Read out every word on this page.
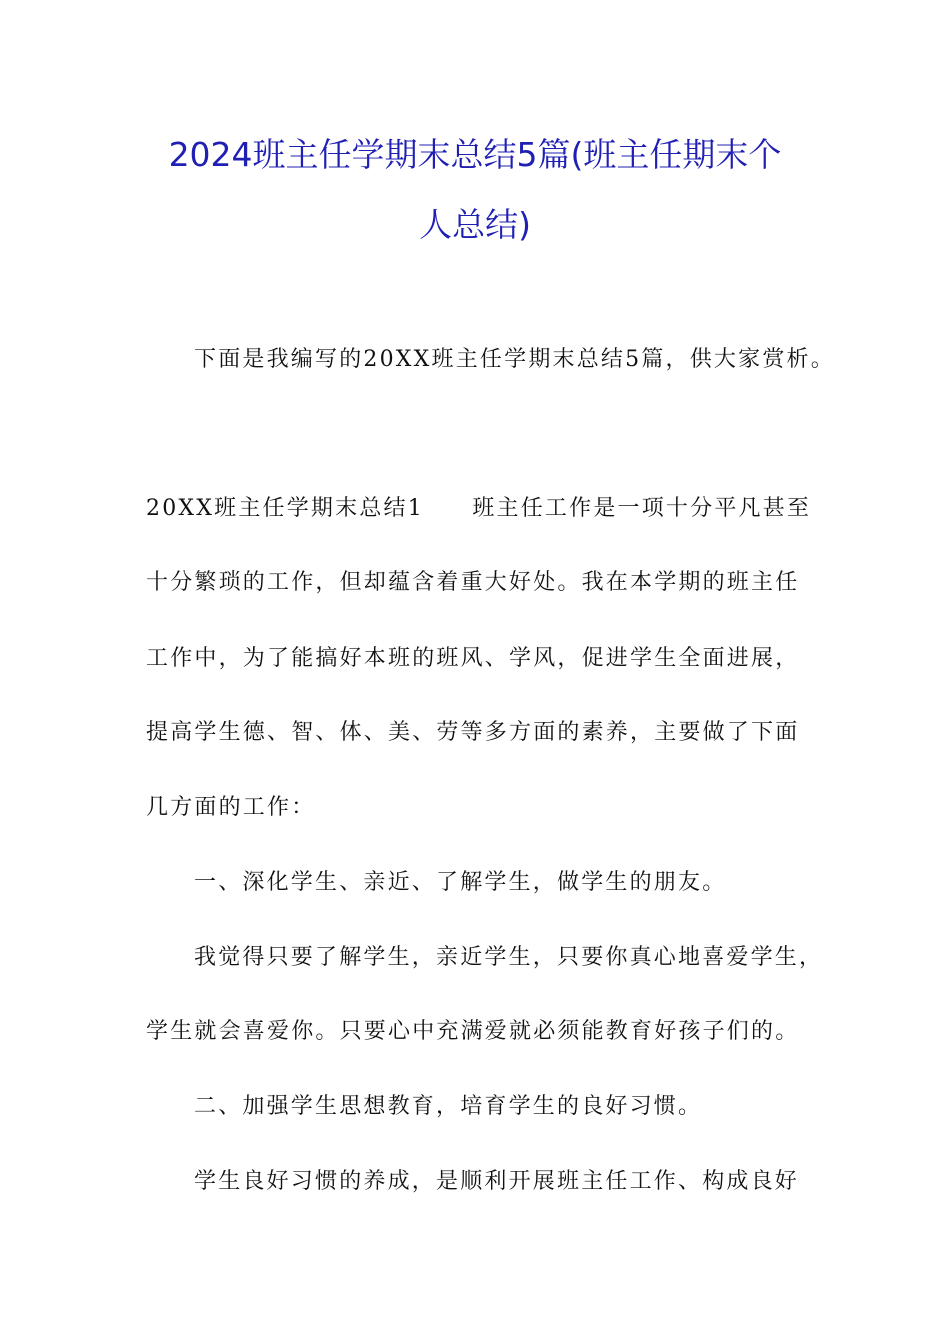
2024班主任学期末总结5篇(班主任期末个
人总结)
下面是我编写的20XX班主任学期末总结5篇，供大家赏析。
20XX班主任学期末总结1　　班主任工作是一项十分平凡甚至
十分繁琐的工作，但却蕴含着重大好处。我在本学期的班主任
工作中，为了能搞好本班的班风、学风，促进学生全面进展，
提高学生德、智、体、美、劳等多方面的素养，主要做了下面
几方面的工作：
一、深化学生、亲近、了解学生，做学生的朋友。
我觉得只要了解学生，亲近学生，只要你真心地喜爱学生，
学生就会喜爱你。只要心中充满爱就必须能教育好孩子们的。
二、加强学生思想教育，培育学生的良好习惯。
学生良好习惯的养成，是顺利开展班主任工作、构成良好
